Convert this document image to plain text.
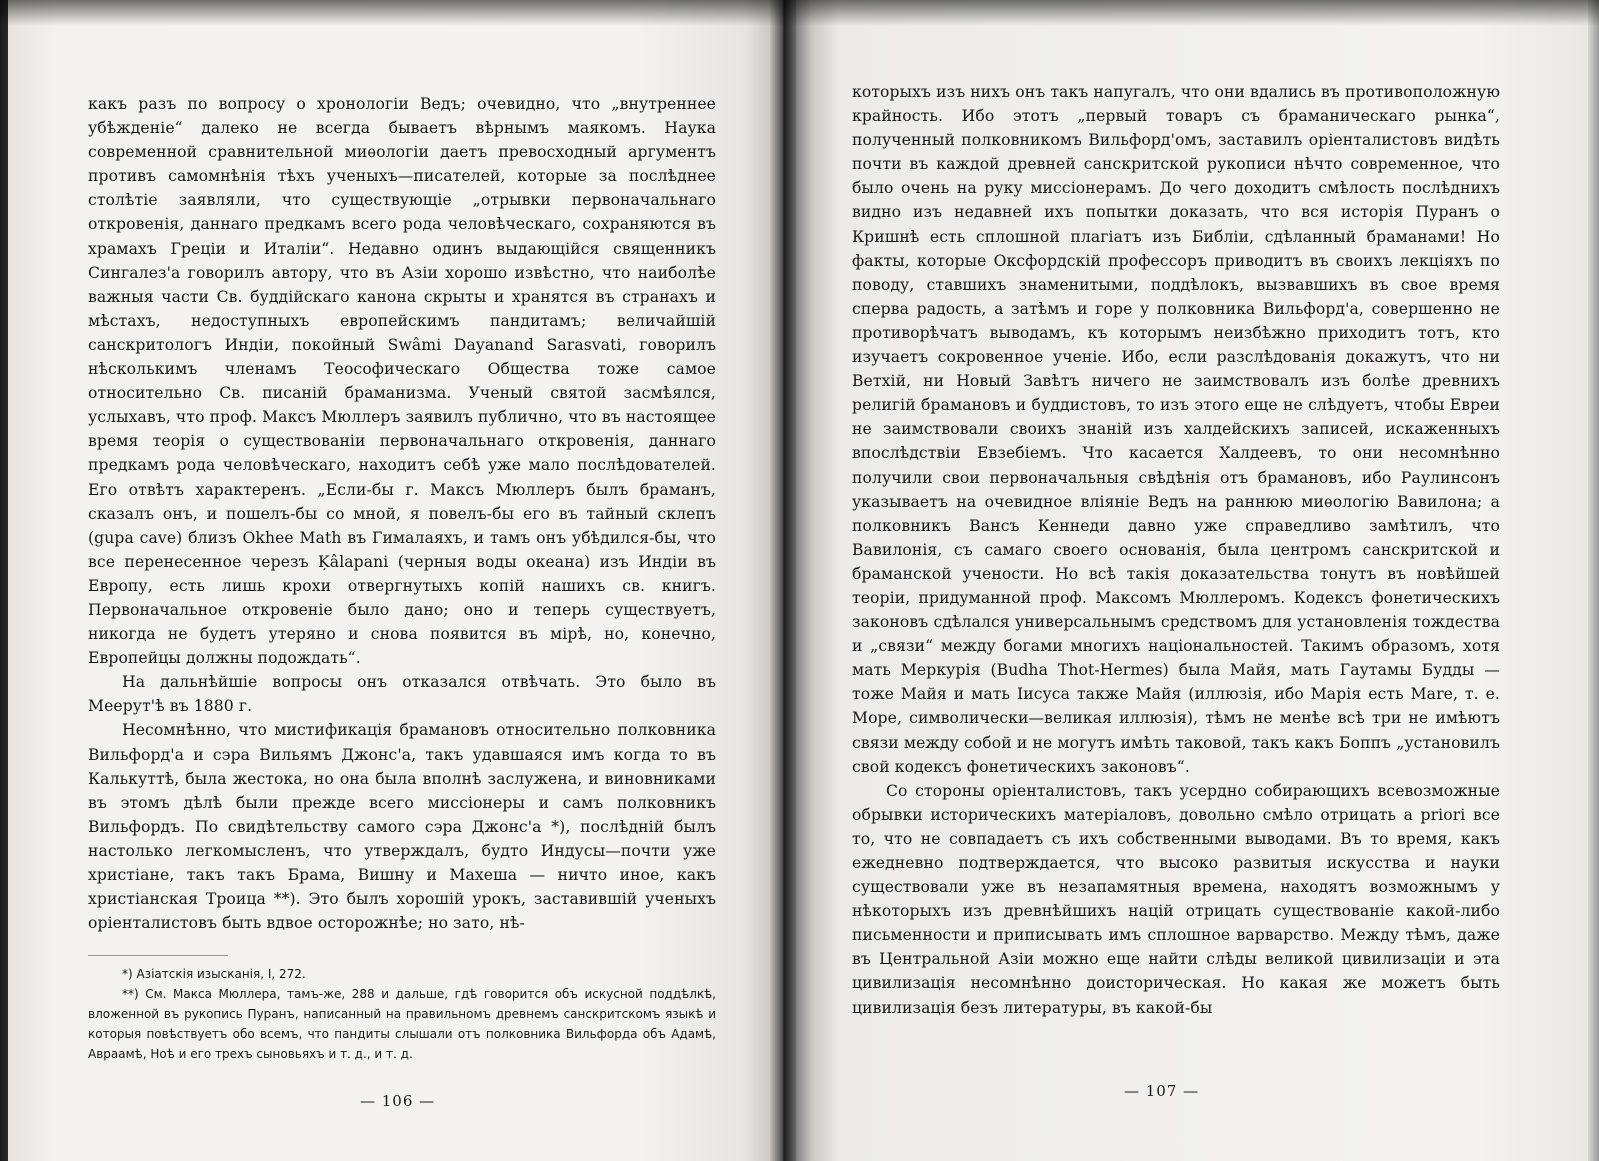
какъ разъ по вопросу о хронологіи Ведъ; очевидно, что „внутреннее убѣжденіе“ далеко не всегда бываетъ вѣрнымъ маякомъ. Наука современной сравнительной миѳологіи даетъ превосходный аргументъ противъ самомнѣнія тѣхъ ученыхъ—писателей, которые за послѣднее столѣтіе заявляли, что существующіе „отрывки первоначальнаго откровенія, даннаго предкамъ всего рода человѣческаго, сохраняются въ храмахъ Греціи и Италіи“. Недавно одинъ выдающійся священникъ Сингалез'а говорилъ автору, что въ Азіи хорошо извѣстно, что наиболѣе важныя части Св. буддійскаго канона скрыты и хранятся въ странахъ и мѣстахъ, недоступныхъ европейскимъ пандитамъ; величайшій санскритологъ Индіи, покойный Swâmi Dayanand Sarasvati, говорилъ нѣсколькимъ членамъ Теософическаго Общества тоже самое относительно Св. писаній браманизма. Ученый святой засмѣялся, услыхавъ, что проф. Максъ Мюллеръ заявилъ публично, что въ настоящее время теорія о существованіи первоначальнаго откровенія, даннаго предкамъ рода человѣческаго, находитъ себѣ уже мало послѣдователей. Его отвѣтъ характеренъ. „Если-бы г. Максъ Мюллеръ былъ браманъ, сказалъ онъ, и пошелъ-бы со мной, я повелъ-бы его въ тайный склепъ (gupa cave) близъ Okhee Math въ Гималаяхъ, и тамъ онъ убѣдился-бы, что все перенесенное черезъ Ķâlapani (черныя воды океана) изъ Индіи въ Европу, есть лишь крохи отвергнутыхъ копій нашихъ св. книгъ. Первоначальное откровеніе было дано; оно и теперь существуетъ, никогда не будетъ утеряно и снова появится въ мірѣ, но, конечно, Европейцы должны подождать“.

На дальнѣйшіе вопросы онъ отказался отвѣчать. Это было въ Меерут'ѣ въ 1880 г.

Несомнѣнно, что мистификація брамановъ относительно полковника Вильфорд'а и сэра Вильямъ Джонс'а, такъ удавшаяся имъ когда то въ Калькуттѣ, была жестока, но она была вполнѣ заслужена, и виновниками въ этомъ дѣлѣ были прежде всего миссіонеры и самъ полковникъ Вильфордъ. По свидѣтельству самого сэра Джонс'а *), послѣдній былъ настолько легкомысленъ, что утверждалъ, будто Индусы—почти уже христіане, такъ такъ Брама, Вишну и Махеша — ничто иное, какъ христіанская Троица **). Это былъ хорошій урокъ, заставившій ученыхъ оріенталистовъ быть вдвое осторожнѣе; но зато, нѣ-

*) Азіатскія изысканія, I, 272.

**) См. Макса Мюллера, тамъ-же, 288 и дальше, гдѣ говорится объ искусной поддѣлкѣ, вложенной въ рукопись Пуранъ, написанный на правильномъ древнемъ санскритскомъ языкѣ и которыя повѣствуетъ обо всемъ, что пандиты слышали отъ полковника Вильфорда объ Адамѣ, Авраамѣ, Ноѣ и его трехъ сыновьяхъ и т. д., и т. д.

— 106 —

которыхъ изъ нихъ онъ такъ напугалъ, что они вдались въ противоположную крайность. Ибо этотъ „первый товаръ съ браманическаго рынка“, полученный полковникомъ Вильфорд'омъ, заставилъ оріенталистовъ видѣть почти въ каждой древней санскритской рукописи нѣчто современное, что было очень на руку миссіонерамъ. До чего доходитъ смѣлость послѣднихъ видно изъ недавней ихъ попытки доказать, что вся исторія Пуранъ о Кришнѣ есть сплошной плагіатъ изъ Библіи, сдѣланный браманами! Но факты, которые Оксфордскій профессоръ приводитъ въ своихъ лекціяхъ по поводу, ставшихъ знаменитыми, поддѣлокъ, вызвавшихъ въ свое время сперва радость, а затѣмъ и горе у полковника Вильфорд'а, совершенно не противорѣчатъ выводамъ, къ которымъ неизбѣжно приходитъ тотъ, кто изучаетъ сокровенное ученіе. Ибо, если разслѣдованія докажутъ, что ни Ветхій, ни Новый Завѣтъ ничего не заимствовалъ изъ болѣе древнихъ религій брамановъ и буддистовъ, то изъ этого еще не слѣдуетъ, чтобы Евреи не заимствовали своихъ знаній изъ халдейскихъ записей, искаженныхъ впослѣдствіи Евзебіемъ. Что касается Халдеевъ, то они несомнѣнно получили свои первоначальныя свѣдѣнія отъ брамановъ, ибо Раулинсонъ указываетъ на очевидное вліяніе Ведъ на раннюю миѳологію Вавилона; а полковникъ Вансъ Кеннеди давно уже справедливо замѣтилъ, что Вавилонія, съ самаго своего основанія, была центромъ санскритской и браманской учености. Но всѣ такія доказательства тонутъ въ новѣйшей теоріи, придуманной проф. Максомъ Мюллеромъ. Кодексъ фонетическихъ законовъ сдѣлался универсальнымъ средствомъ для установленія тождества и „связи“ между богами многихъ національностей. Такимъ образомъ, хотя мать Меркурія (Budha Thot-Hermes) была Майя, мать Гаутамы Будды — тоже Майя и мать Іисуса также Майя (иллюзія, ибо Марія есть Mare, т. е. Море, символически—великая иллюзія), тѣмъ не менѣе всѣ три не имѣютъ связи между собой и не могутъ имѣть таковой, такъ какъ Боппъ „установилъ свой кодексъ фонетическихъ законовъ“.

Со стороны оріенталистовъ, такъ усердно собирающихъ всевозможные обрывки историческихъ матеріаловъ, довольно смѣло отрицать a priori все то, что не совпадаетъ съ ихъ собственными выводами. Въ то время, какъ ежедневно подтверждается, что высоко развитыя искусства и науки существовали уже въ незапамятныя времена, находятъ возможнымъ у нѣкоторыхъ изъ древнѣйшихъ націй отрицать существованіе какой-либо письменности и приписывать имъ сплошное варварство. Между тѣмъ, даже въ Центральной Азіи можно еще найти слѣды великой цивилизаціи и эта цивилизація несомнѣнно доисторическая. Но какая же можетъ быть цивилизація безъ литературы, въ какой-бы

— 107 —
